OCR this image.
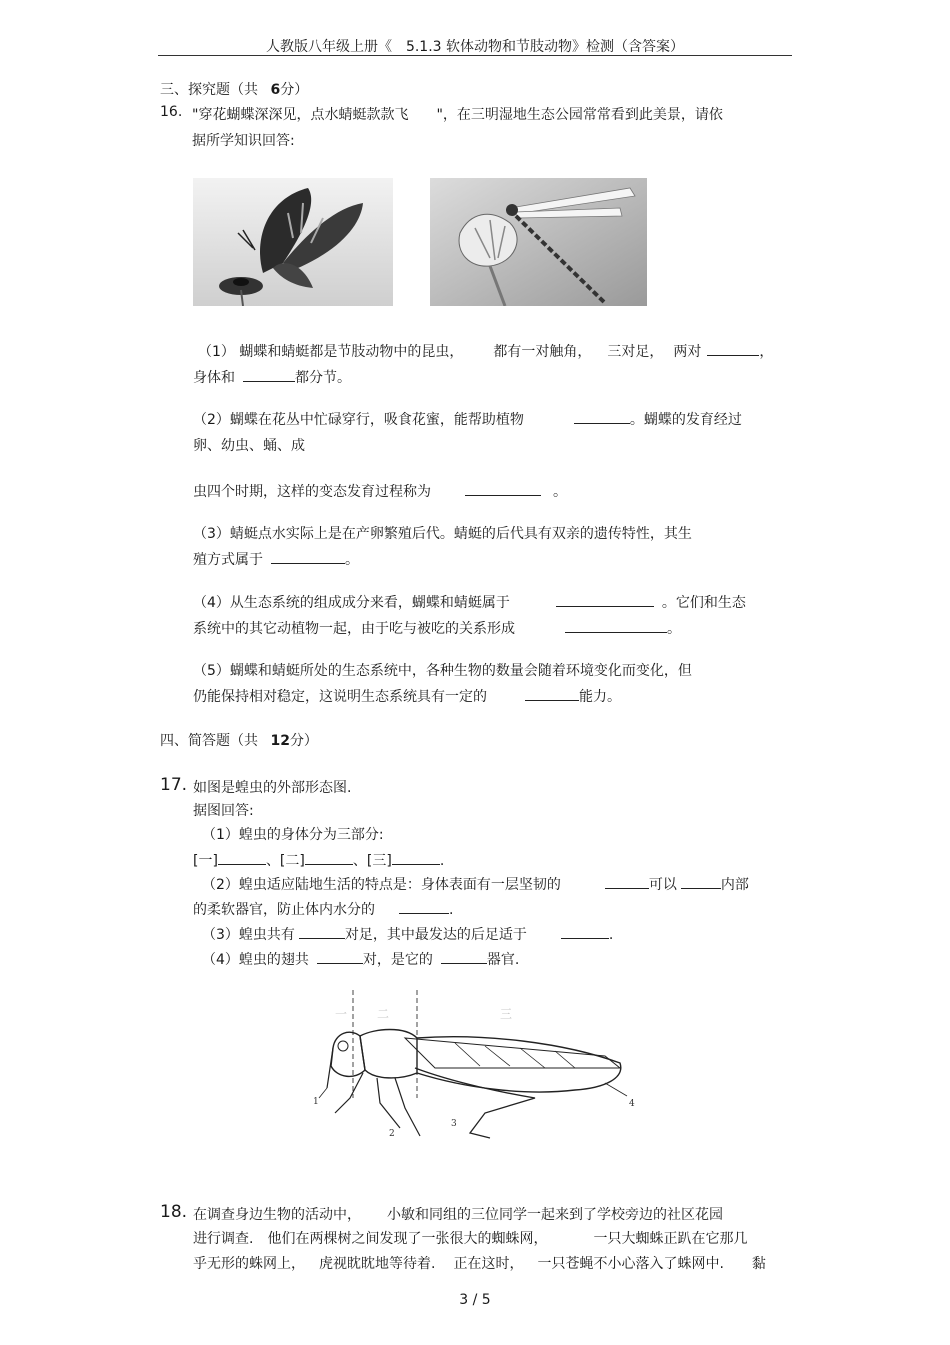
人教版八年级上册《　5.1.3 软体动物和节肢动物》检测（含答案）
三、探究题（共 6分）
16. "穿花蝴蝶深深见，点水蜻蜓款款飞　　"，在三明湿地生态公园常常看到此美景，请依
据所学知识回答:
（1） 蝴蝶和蜻蜓都是节肢动物中的昆虫， 都有一对触角， 三对足， 两对	，
身体和	都分节。
（2）蝴蝶在花丛中忙碌穿行，吸食花蜜，能帮助植物	。蝴蝶的发育经过
卵、幼虫、蛹、成
虫四个时期，这样的变态发育过程称为	。
（3）蜻蜓点水实际上是在产卵繁殖后代。蜻蜓的后代具有双亲的遗传特性，其生
殖方式属于	。
（4）从生态系统的组成成分来看，蝴蝶和蜻蜓属于	。它们和生态
系统中的其它动植物一起，由于吃与被吃的关系形成	。
（5）蝴蝶和蜻蜓所处的生态系统中，各种生物的数量会随着环境变化而变化，但
仍能保持相对稳定，这说明生态系统具有一定的	能力。
四、简答题（共 12分）
17. 如图是蝗虫的外部形态图.
据图回答:
（1）蝗虫的身体分为三部分:
[一]	、[二]	、[三]	.
（2）蝗虫适应陆地生活的特点是：身体表面有一层坚韧的	可以	内部
的柔软器官，防止体内水分的	.
（3）蝗虫共有	对足，其中最发达的后足适于	.
（4）蝗虫的翅共	对，是它的	器官.
一 二	三
1
2
3
4
18. 在调查身边生物的活动中， 小敏和同组的三位同学一起来到了学校旁边的社区花园
进行调查. 他们在两棵树之间发现了一张很大的蜘蛛网，	一只大蜘蛛正趴在它那几
乎无形的蛛网上， 虎视眈眈地等待着. 正在这时， 一只苍蝇不小心落入了蛛网中. 黏
3 / 5
